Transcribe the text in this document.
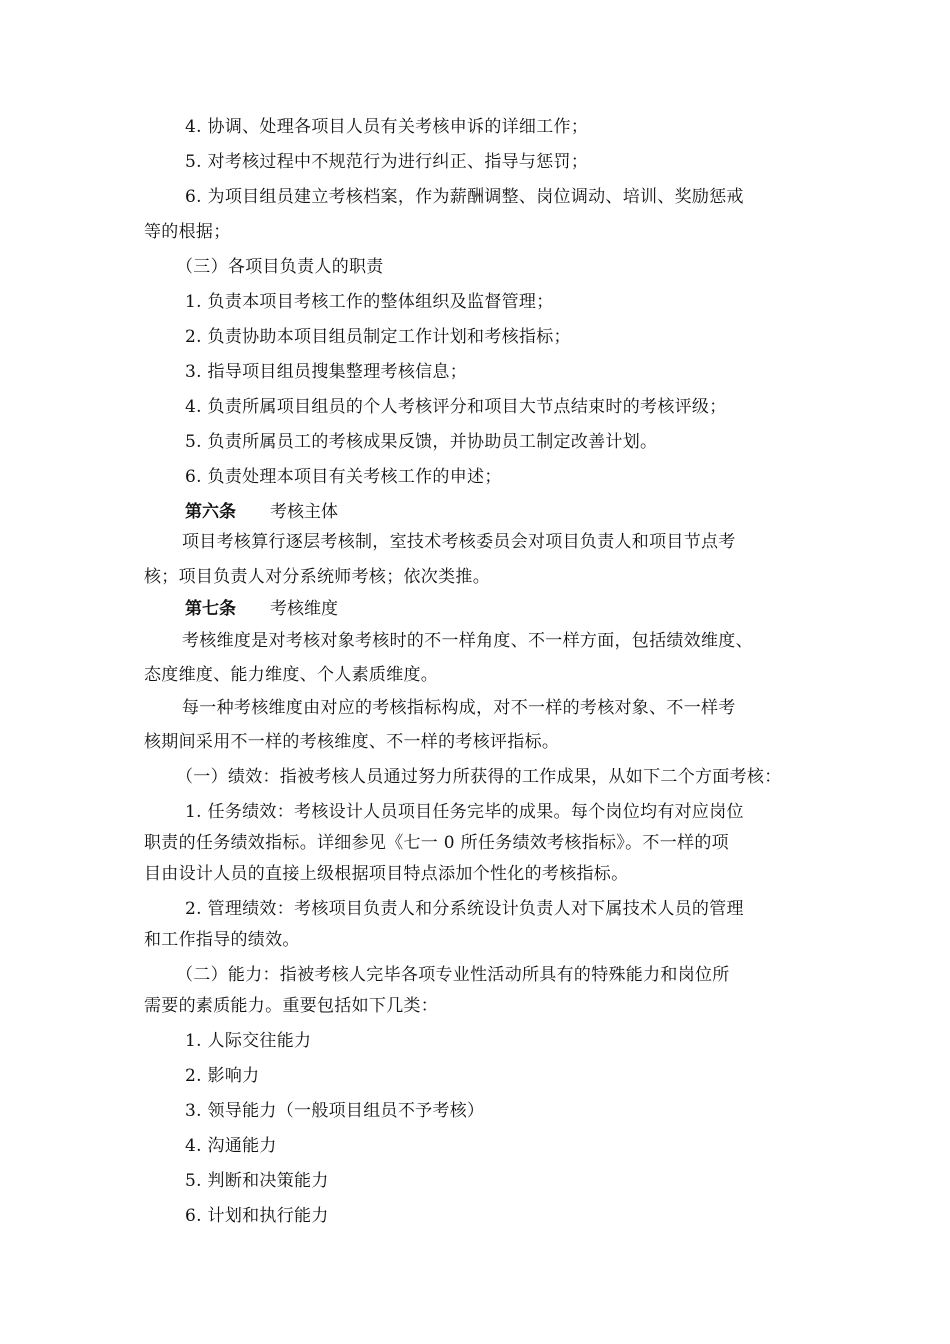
4. 协调、处理各项目人员有关考核申诉的详细工作；
5. 对考核过程中不规范行为进行纠正、指导与惩罚；
6. 为项目组员建立考核档案，作为薪酬调整、岗位调动、培训、奖励惩戒
等的根据；
（三）各项目负责人的职责
1. 负责本项目考核工作的整体组织及监督管理；
2. 负责协助本项目组员制定工作计划和考核指标；
3. 指导项目组员搜集整理考核信息；
4. 负责所属项目组员的个人考核评分和项目大节点结束时的考核评级；
5. 负责所属员工的考核成果反馈，并协助员工制定改善计划。
6. 负责处理本项目有关考核工作的申述；
第六条 考核主体
项目考核算行逐层考核制，室技术考核委员会对项目负责人和项目节点考
核；项目负责人对分系统师考核；依次类推。
第七条 考核维度
考核维度是对考核对象考核时的不一样角度、不一样方面，包括绩效维度、
态度维度、能力维度、个人素质维度。
每一种考核维度由对应的考核指标构成，对不一样的考核对象、不一样考
核期间采用不一样的考核维度、不一样的考核评指标。
（一）绩效：指被考核人员通过努力所获得的工作成果，从如下二个方面考核：
1. 任务绩效：考核设计人员项目任务完毕的成果。每个岗位均有对应岗位
职责的任务绩效指标。详细参见《七一 0 所任务绩效考核指标》。不一样的项
目由设计人员的直接上级根据项目特点添加个性化的考核指标。
2. 管理绩效：考核项目负责人和分系统设计负责人对下属技术人员的管理
和工作指导的绩效。
（二）能力：指被考核人完毕各项专业性活动所具有的特殊能力和岗位所
需要的素质能力。重要包括如下几类：
1. 人际交往能力
2. 影响力
3. 领导能力（一般项目组员不予考核）
4. 沟通能力
5. 判断和决策能力
6. 计划和执行能力
